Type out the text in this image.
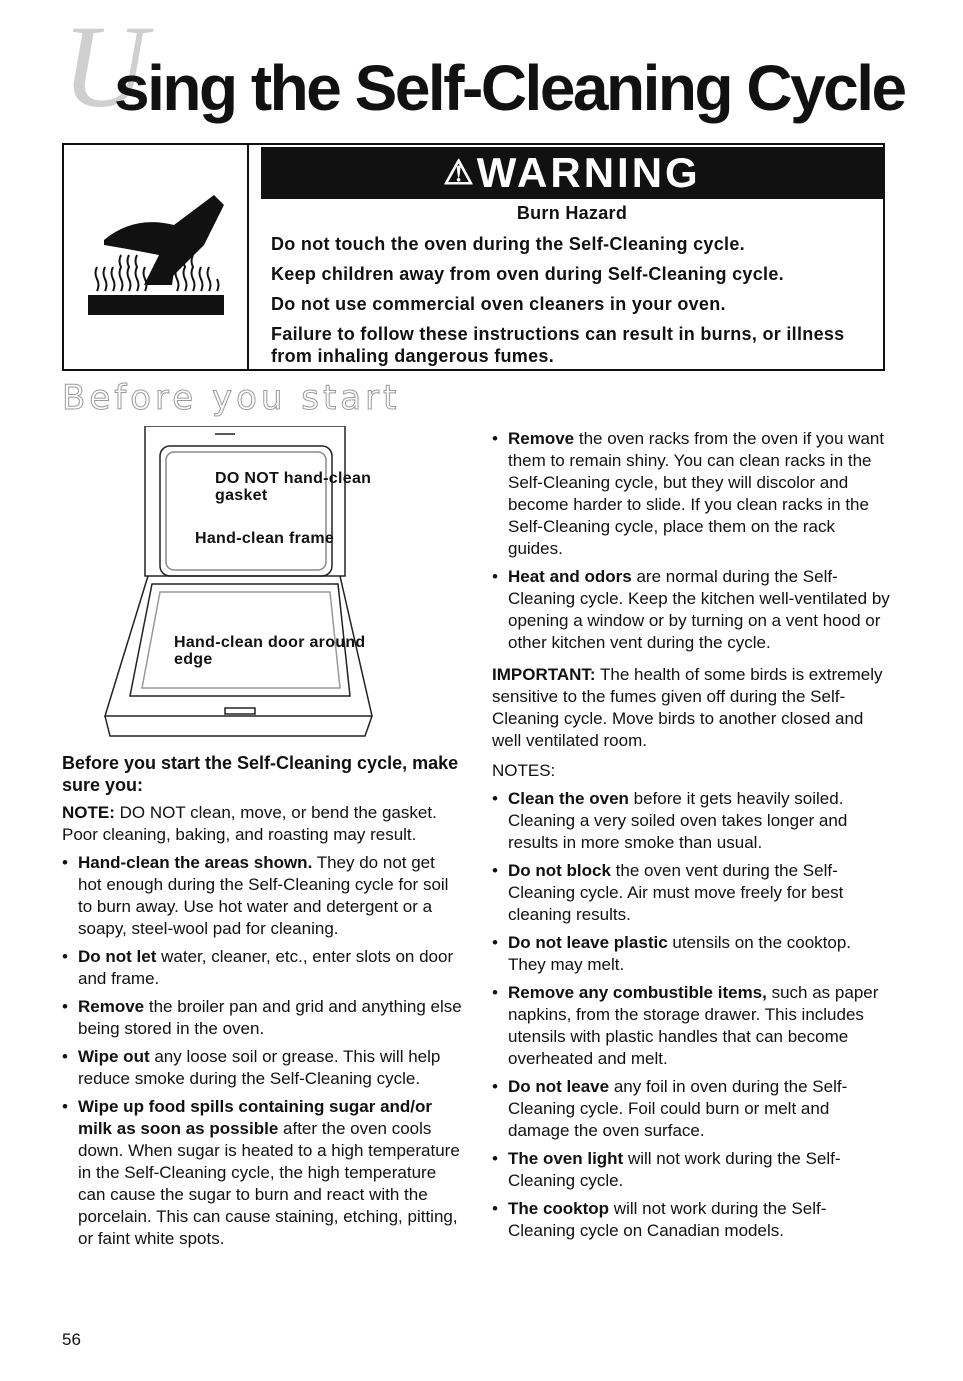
U
sing the Self-Cleaning Cycle
⚠WARNING
Burn Hazard
Do not touch the oven during the Self-Cleaning cycle.
Keep children away from oven during Self-Cleaning cycle.
Do not use commercial oven cleaners in your oven.
Failure to follow these instructions can result in burns, or illness from inhaling dangerous fumes.
Before you start
DO NOT hand-clean gasket
Hand-clean frame
Hand-clean door around edge

Before you start the Self-Cleaning cycle, make sure you:

NOTE: DO NOT clean, move, or bend the gasket. Poor cleaning, baking, and roasting may result.

• Hand-clean the areas shown. They do not get hot enough during the Self-Cleaning cycle for soil to burn away. Use hot water and detergent or a soapy, steel-wool pad for cleaning.
• Do not let water, cleaner, etc., enter slots on door and frame.
• Remove the broiler pan and grid and anything else being stored in the oven.
• Wipe out any loose soil or grease. This will help reduce smoke during the Self-Cleaning cycle.
• Wipe up food spills containing sugar and/or milk as soon as possible after the oven cools down. When sugar is heated to a high temperature in the Self-Cleaning cycle, the high temperature can cause the sugar to burn and react with the porcelain. This can cause staining, etching, pitting, or faint white spots.
• Remove the oven racks from the oven if you want them to remain shiny. You can clean racks in the Self-Cleaning cycle, but they will discolor and become harder to slide. If you clean racks in the Self-Cleaning cycle, place them on the rack guides.
• Heat and odors are normal during the Self-Cleaning cycle. Keep the kitchen well-ventilated by opening a window or by turning on a vent hood or other kitchen vent during the cycle.

IMPORTANT: The health of some birds is extremely sensitive to the fumes given off during the Self-Cleaning cycle. Move birds to another closed and well ventilated room.

NOTES:

• Clean the oven before it gets heavily soiled. Cleaning a very soiled oven takes longer and results in more smoke than usual.
• Do not block the oven vent during the Self-Cleaning cycle. Air must move freely for best cleaning results.
• Do not leave plastic utensils on the cooktop. They may melt.
• Remove any combustible items, such as paper napkins, from the storage drawer. This includes utensils with plastic handles that can become overheated and melt.
• Do not leave any foil in oven during the Self-Cleaning cycle. Foil could burn or melt and damage the oven surface.
• The oven light will not work during the Self-Cleaning cycle.
• The cooktop will not work during the Self-Cleaning cycle on Canadian models.
56
